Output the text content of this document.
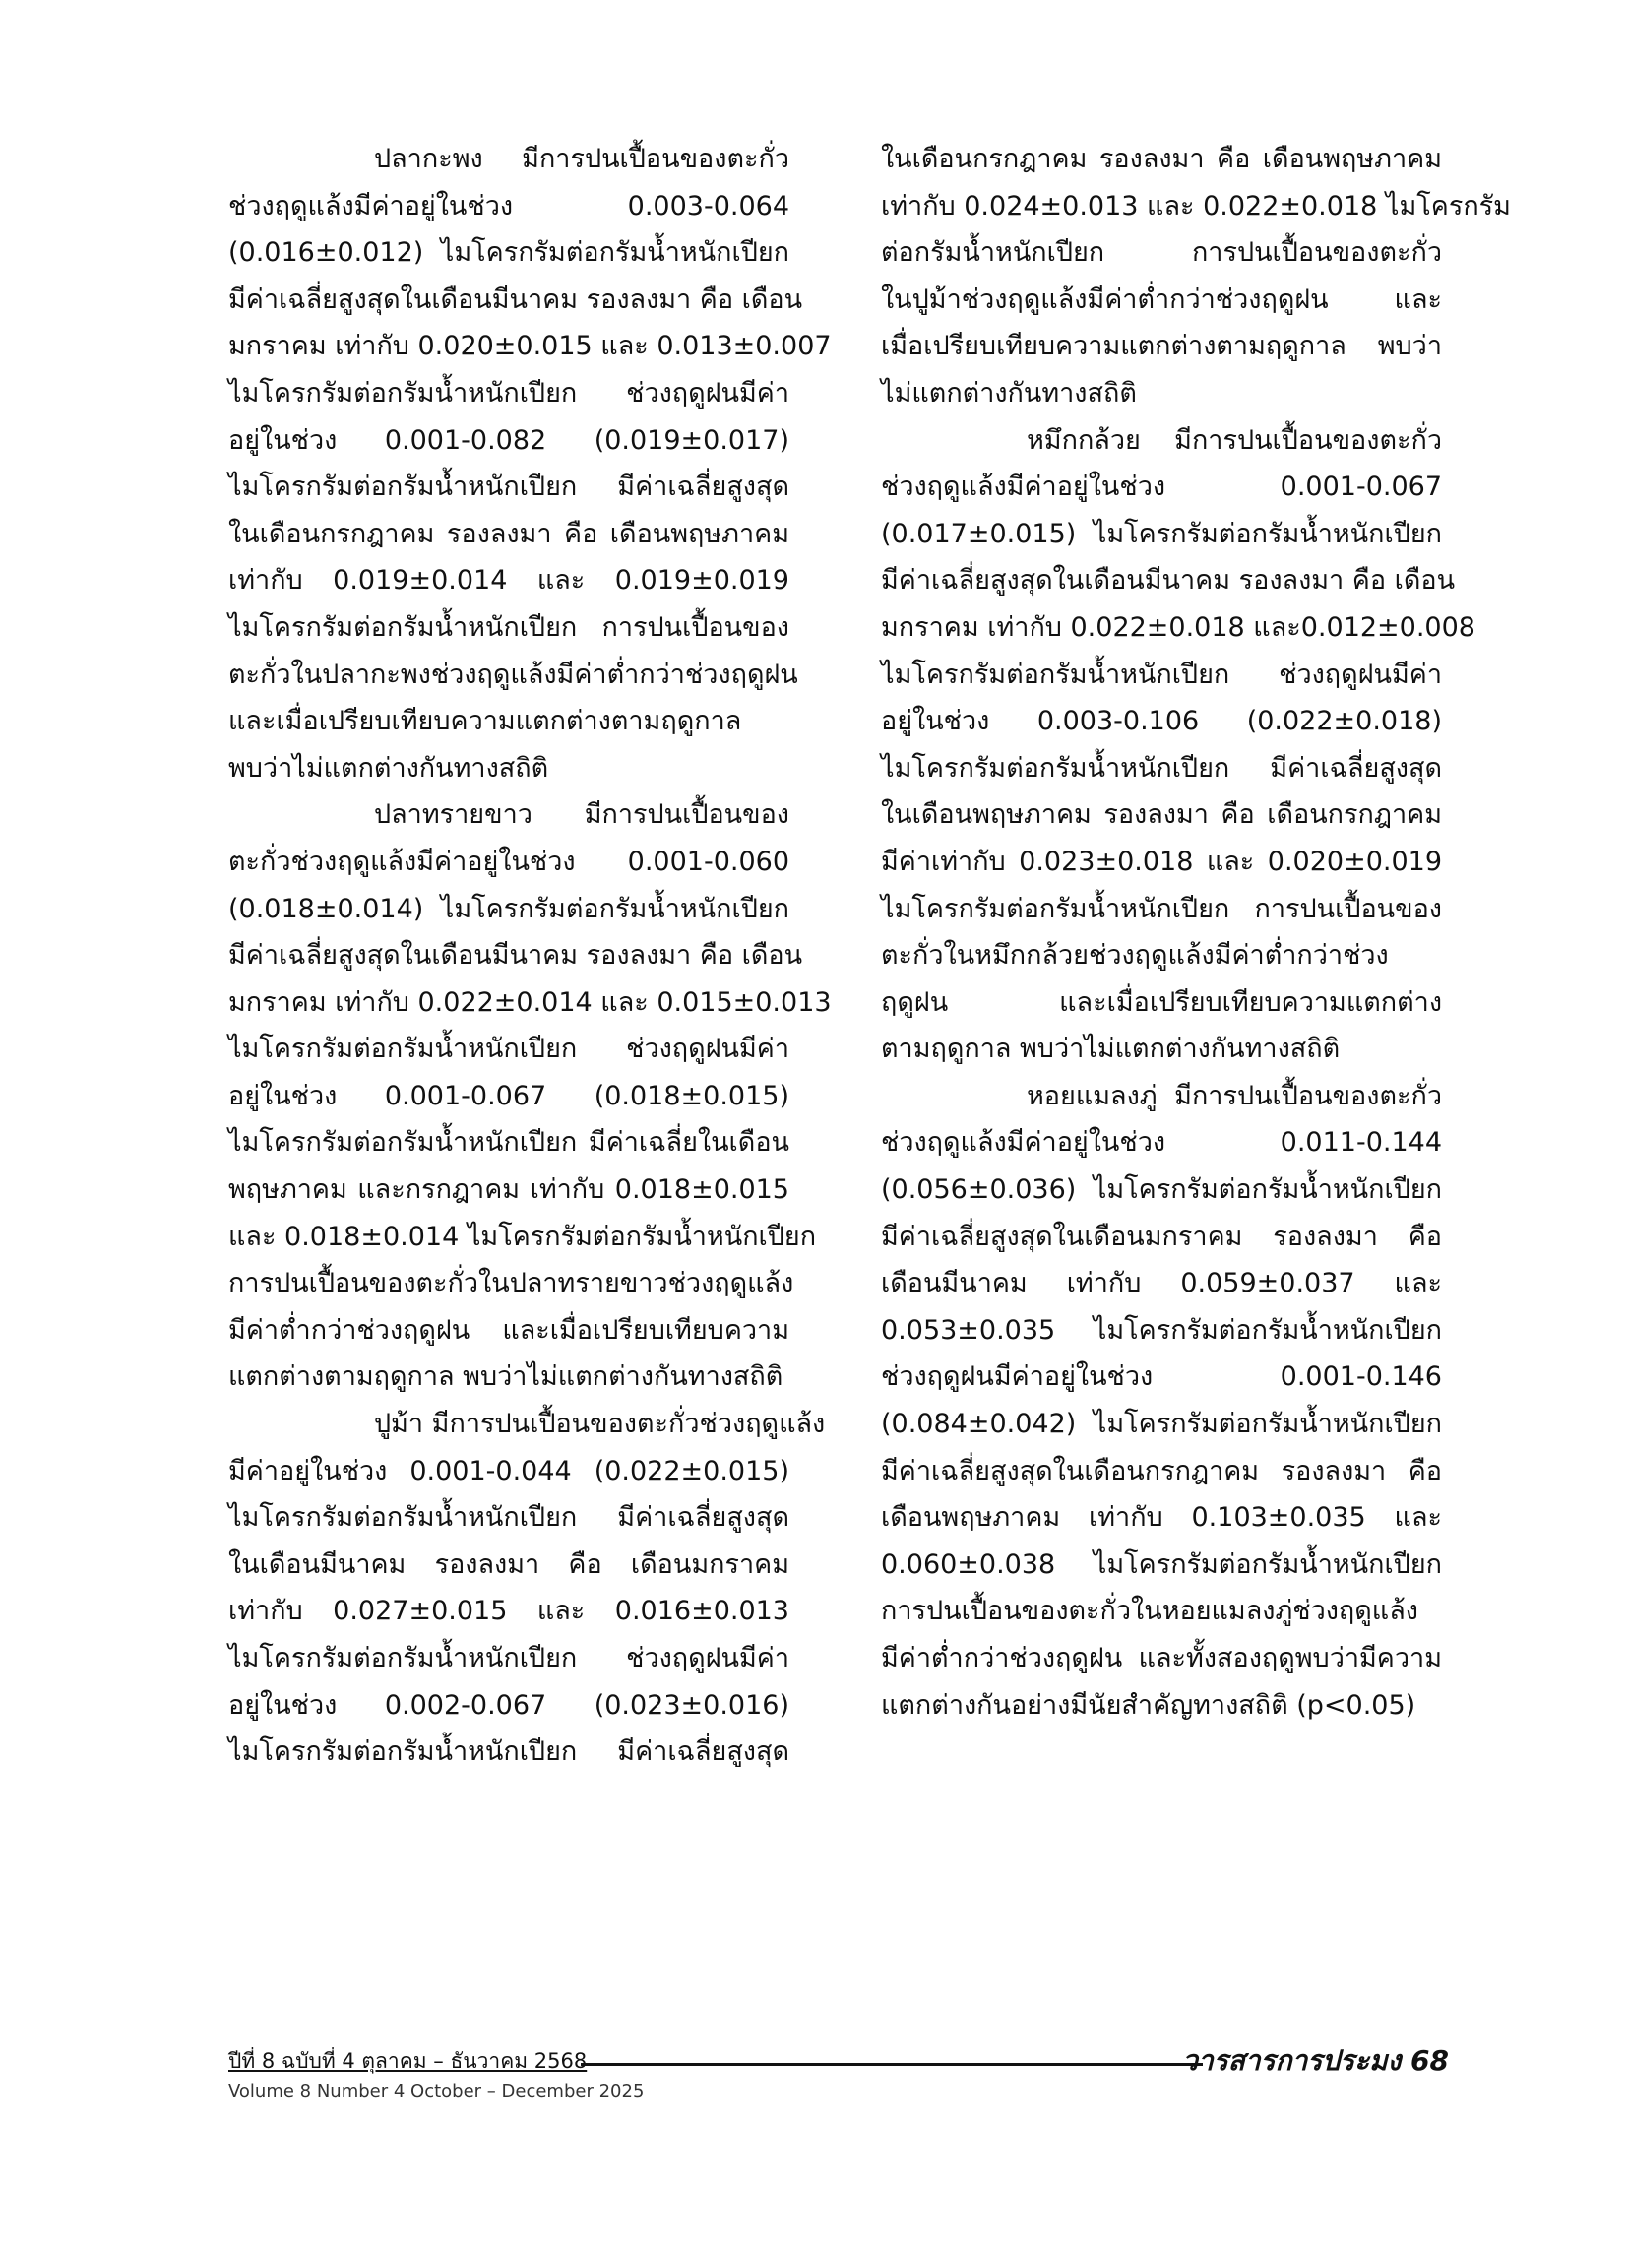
ปลากะพง มีการปนเปื้อนของตะกั่ว
ช่วงฤดูแล้งมีค่าอยู่ในช่วง 0.003-0.064
(0.016±0.012) ไมโครกรัมต่อกรัมน้ำหนักเปียก
มีค่าเฉลี่ยสูงสุดในเดือนมีนาคม รองลงมา คือ เดือน
มกราคม เท่ากับ 0.020±0.015 และ 0.013±0.007
ไมโครกรัมต่อกรัมน้ำหนักเปียก ช่วงฤดูฝนมีค่า
อยู่ในช่วง 0.001-0.082 (0.019±0.017)
ไมโครกรัมต่อกรัมน้ำหนักเปียก มีค่าเฉลี่ยสูงสุด
ในเดือนกรกฎาคม รองลงมา คือ เดือนพฤษภาคม
เท่ากับ 0.019±0.014 และ 0.019±0.019
ไมโครกรัมต่อกรัมน้ำหนักเปียก การปนเปื้อนของ
ตะกั่วในปลากะพงช่วงฤดูแล้งมีค่าต่ำกว่าช่วงฤดูฝน
และเมื่อเปรียบเทียบความแตกต่างตามฤดูกาล
พบว่าไม่แตกต่างกันทางสถิติ
ปลาทรายขาว มีการปนเปื้อนของ
ตะกั่วช่วงฤดูแล้งมีค่าอยู่ในช่วง 0.001-0.060
(0.018±0.014) ไมโครกรัมต่อกรัมน้ำหนักเปียก
มีค่าเฉลี่ยสูงสุดในเดือนมีนาคม รองลงมา คือ เดือน
มกราคม เท่ากับ 0.022±0.014 และ 0.015±0.013
ไมโครกรัมต่อกรัมน้ำหนักเปียก ช่วงฤดูฝนมีค่า
อยู่ในช่วง 0.001-0.067 (0.018±0.015)
ไมโครกรัมต่อกรัมน้ำหนักเปียก มีค่าเฉลี่ยในเดือน
พฤษภาคม และกรกฎาคม เท่ากับ 0.018±0.015
และ 0.018±0.014 ไมโครกรัมต่อกรัมน้ำหนักเปียก
การปนเปื้อนของตะกั่วในปลาทรายขาวช่วงฤดูแล้ง
มีค่าต่ำกว่าช่วงฤดูฝน และเมื่อเปรียบเทียบความ
แตกต่างตามฤดูกาล พบว่าไม่แตกต่างกันทางสถิติ
ปูม้า มีการปนเปื้อนของตะกั่วช่วงฤดูแล้ง
มีค่าอยู่ในช่วง 0.001-0.044 (0.022±0.015)
ไมโครกรัมต่อกรัมน้ำหนักเปียก มีค่าเฉลี่ยสูงสุด
ในเดือนมีนาคม รองลงมา คือ เดือนมกราคม
เท่ากับ 0.027±0.015 และ 0.016±0.013
ไมโครกรัมต่อกรัมน้ำหนักเปียก ช่วงฤดูฝนมีค่า
อยู่ในช่วง 0.002-0.067 (0.023±0.016)
ไมโครกรัมต่อกรัมน้ำหนักเปียก มีค่าเฉลี่ยสูงสุด
ในเดือนกรกฎาคม รองลงมา คือ เดือนพฤษภาคม
เท่ากับ 0.024±0.013 และ 0.022±0.018 ไมโครกรัม
ต่อกรัมน้ำหนักเปียก การปนเปื้อนของตะกั่ว
ในปูม้าช่วงฤดูแล้งมีค่าต่ำกว่าช่วงฤดูฝน และ
เมื่อเปรียบเทียบความแตกต่างตามฤดูกาล พบว่า
ไม่แตกต่างกันทางสถิติ
หมึกกล้วย มีการปนเปื้อนของตะกั่ว
ช่วงฤดูแล้งมีค่าอยู่ในช่วง 0.001-0.067
(0.017±0.015) ไมโครกรัมต่อกรัมน้ำหนักเปียก
มีค่าเฉลี่ยสูงสุดในเดือนมีนาคม รองลงมา คือ เดือน
มกราคม เท่ากับ 0.022±0.018 และ0.012±0.008
ไมโครกรัมต่อกรัมน้ำหนักเปียก ช่วงฤดูฝนมีค่า
อยู่ในช่วง 0.003-0.106 (0.022±0.018)
ไมโครกรัมต่อกรัมน้ำหนักเปียก มีค่าเฉลี่ยสูงสุด
ในเดือนพฤษภาคม รองลงมา คือ เดือนกรกฎาคม
มีค่าเท่ากับ 0.023±0.018 และ 0.020±0.019
ไมโครกรัมต่อกรัมน้ำหนักเปียก การปนเปื้อนของ
ตะกั่วในหมึกกล้วยช่วงฤดูแล้งมีค่าต่ำกว่าช่วง
ฤดูฝน และเมื่อเปรียบเทียบความแตกต่าง
ตามฤดูกาล พบว่าไม่แตกต่างกันทางสถิติ
หอยแมลงภู่ มีการปนเปื้อนของตะกั่ว
ช่วงฤดูแล้งมีค่าอยู่ในช่วง 0.011-0.144
(0.056±0.036) ไมโครกรัมต่อกรัมน้ำหนักเปียก
มีค่าเฉลี่ยสูงสุดในเดือนมกราคม รองลงมา คือ
เดือนมีนาคม เท่ากับ 0.059±0.037 และ
0.053±0.035 ไมโครกรัมต่อกรัมน้ำหนักเปียก
ช่วงฤดูฝนมีค่าอยู่ในช่วง 0.001-0.146
(0.084±0.042) ไมโครกรัมต่อกรัมน้ำหนักเปียก
มีค่าเฉลี่ยสูงสุดในเดือนกรกฎาคม รองลงมา คือ
เดือนพฤษภาคม เท่ากับ 0.103±0.035 และ
0.060±0.038 ไมโครกรัมต่อกรัมน้ำหนักเปียก
การปนเปื้อนของตะกั่วในหอยแมลงภู่ช่วงฤดูแล้ง
มีค่าต่ำกว่าช่วงฤดูฝน และทั้งสองฤดูพบว่ามีความ
แตกต่างกันอย่างมีนัยสำคัญทางสถิติ (p<0.05)
ปีที่ 8 ฉบับที่ 4 ตุลาคม – ธันวาคม 2568	วารสารการประมง 68
Volume 8 Number 4 October – December 2025
